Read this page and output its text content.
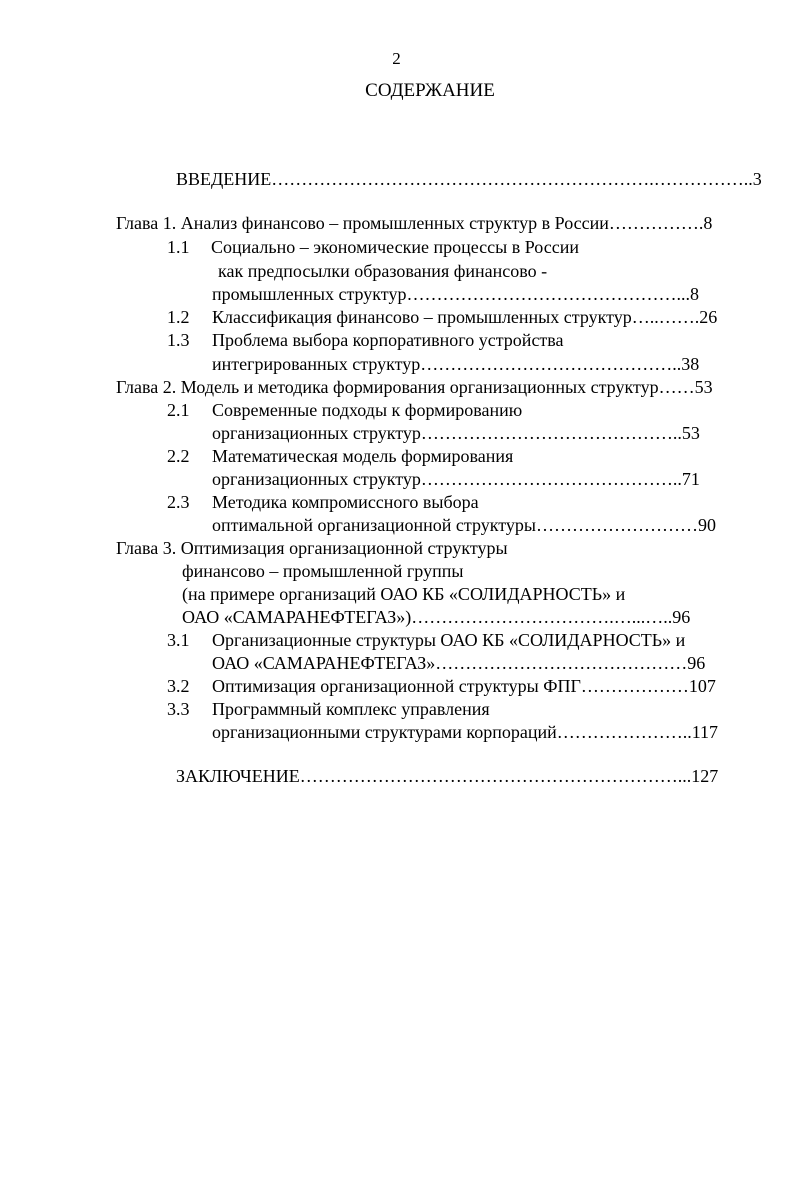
2
СОДЕРЖАНИЕ
ВВЕДЕНИЕ……………………………………………………….……………..3
Глава 1. Анализ финансово – промышленных структур в России…………….8
1.1 Социально – экономические процессы в России
как предпосылки образования финансово -
промышленных структур………………………………………...8
1.2 Классификация финансово – промышленных структур…..…….26
1.3 Проблема выбора корпоративного устройства
интегрированных структур……………………………………..38
Глава 2. Модель и методика формирования организационных структур……53
2.1 Современные подходы к формированию
организационных структур……………………………………..53
2.2 Математическая модель формирования
организационных структур……………………………………..71
2.3 Методика компромиссного выбора
оптимальной организационной структуры………………………90
Глава 3. Оптимизация организационной структуры
финансово – промышленной группы
(на примере организаций ОАО КБ «СОЛИДАРНОСТЬ» и
ОАО «САМАРАНЕФТЕГАЗ»)…………………………….…...…..96
3.1 Организационные структуры ОАО КБ «СОЛИДАРНОСТЬ» и
ОАО «САМАРАНЕФТЕГАЗ»……………………………………96
3.2 Оптимизация организационной структуры ФПГ………………107
3.3 Программный комплекс управления
организационными структурами корпораций…………………..117
ЗАКЛЮЧЕНИЕ………………………………………………………...127
